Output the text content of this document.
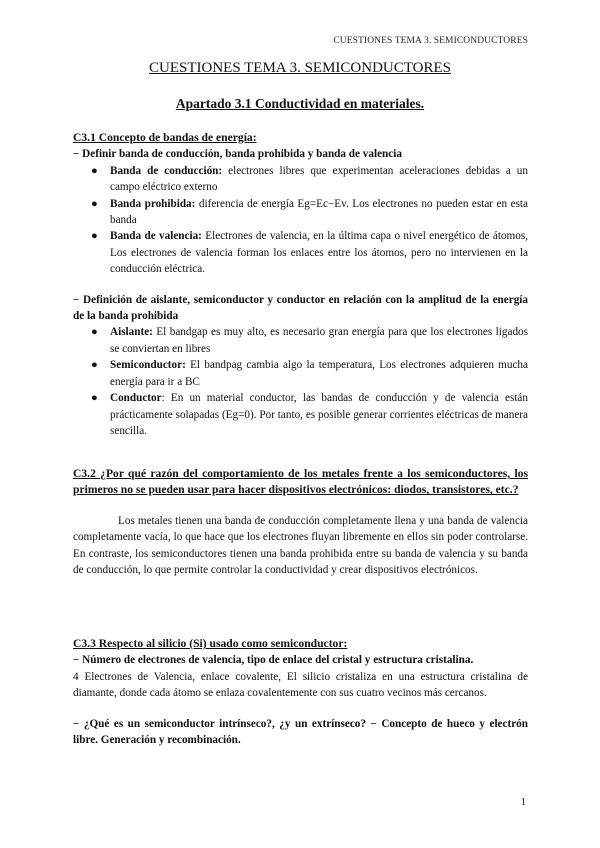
CUESTIONES TEMA 3. SEMICONDUCTORES
CUESTIONES TEMA 3. SEMICONDUCTORES
Apartado 3.1 Conductividad en materiales.
C3.1 Concepto de bandas de energía:
− Definir banda de conducción, banda prohibida y banda de valencia
● Banda de conducción: electrones libres que experimentan aceleraciones debidas a un campo eléctrico externo
● Banda prohibida: diferencia de energía Eg=Ec−Ev. Los electrones no pueden estar en esta banda
● Banda de valencia: Electrones de valencia, en la última capa o nivel energético de átomos, Los electrones de valencia forman los enlaces entre los átomos, pero no intervienen en la conducción eléctrica.
− Definición de aislante, semiconductor y conductor en relación con la amplitud de la energía de la banda prohibida
● Aislante: El bandgap es muy alto, es necesario gran energía para que los electrones ligados se conviertan en libres
● Semiconductor: El bandpag cambia algo la temperatura, Los electrones adquieren mucha energía para ir a BC
● Conductor: En un material conductor, las bandas de conducción y de valencia están prácticamente solapadas (Eg=0). Por tanto, es posible generar corrientes eléctricas de manera sencilla.
C3.2 ¿Por qué razón del comportamiento de los metales frente a los semiconductores, los primeros no se pueden usar para hacer dispositivos electrónicos: diodos, transistores, etc.?
Los metales tienen una banda de conducción completamente llena y una banda de valencia completamente vacía, lo que hace que los electrones fluyan libremente en ellos sin poder controlarse. En contraste, los semiconductores tienen una banda prohibida entre su banda de valencia y su banda de conducción, lo que permite controlar la conductividad y crear dispositivos electrónicos.
C3.3 Respecto al silicio (Si) usado como semiconductor:
− Número de electrones de valencia, tipo de enlace del cristal y estructura cristalina.
4 Electrones de Valencia, enlace covalente, El silicio cristaliza en una estructura cristalina de diamante, donde cada átomo se enlaza covalentemente con sus cuatro vecinos más cercanos.
− ¿Qué es un semiconductor intrínseco?, ¿y un extrínseco? − Concepto de hueco y electrón libre. Generación y recombinación.
1
